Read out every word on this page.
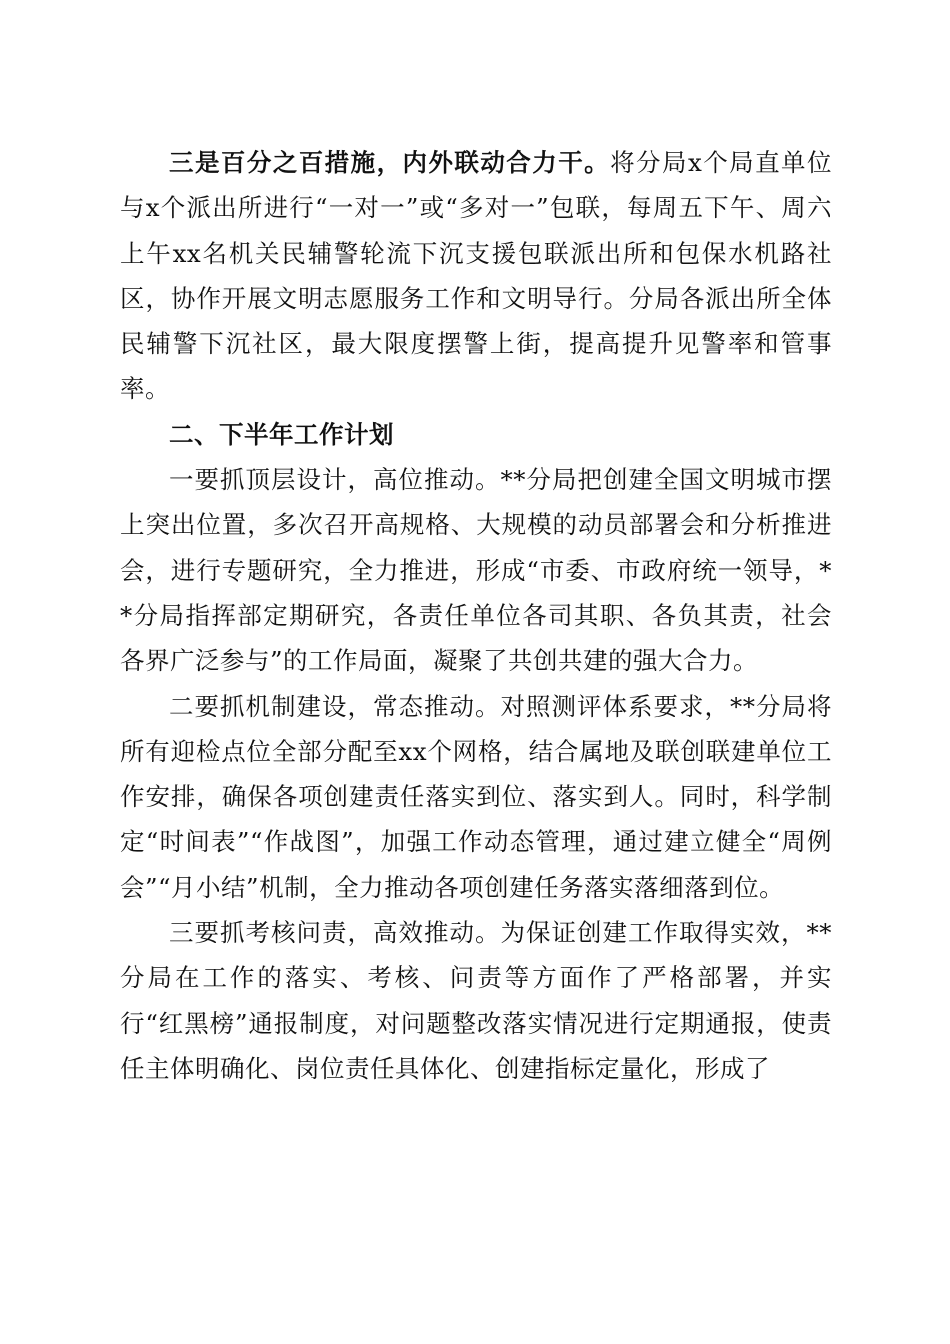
三是百分之百措施，内外联动合力干。将分局x个局直单位与x个派出所进行“一对一”或“多对一”包联，每周五下午、周六上午xx名机关民辅警轮流下沉支援包联派出所和包保水机路社区，协作开展文明志愿服务工作和文明导行。分局各派出所全体民辅警下沉社区，最大限度摆警上街，提高提升见警率和管事率。

二、下半年工作计划

一要抓顶层设计，高位推动。**分局把创建全国文明城市摆上突出位置，多次召开高规格、大规模的动员部署会和分析推进会，进行专题研究，全力推进，形成“市委、市政府统一领导，**分局指挥部定期研究，各责任单位各司其职、各负其责，社会各界广泛参与”的工作局面，凝聚了共创共建的强大合力。

二要抓机制建设，常态推动。对照测评体系要求，**分局将所有迎检点位全部分配至xx个网格，结合属地及联创联建单位工作安排，确保各项创建责任落实到位、落实到人。同时，科学制定“时间表”“作战图”，加强工作动态管理，通过建立健全“周例会”“月小结”机制，全力推动各项创建任务落实落细落到位。

三要抓考核问责，高效推动。为保证创建工作取得实效，**分局在工作的落实、考核、问责等方面作了严格部署，并实行“红黑榜”通报制度，对问题整改落实情况进行定期通报，使责任主体明确化、岗位责任具体化、创建指标定量化，形成了
